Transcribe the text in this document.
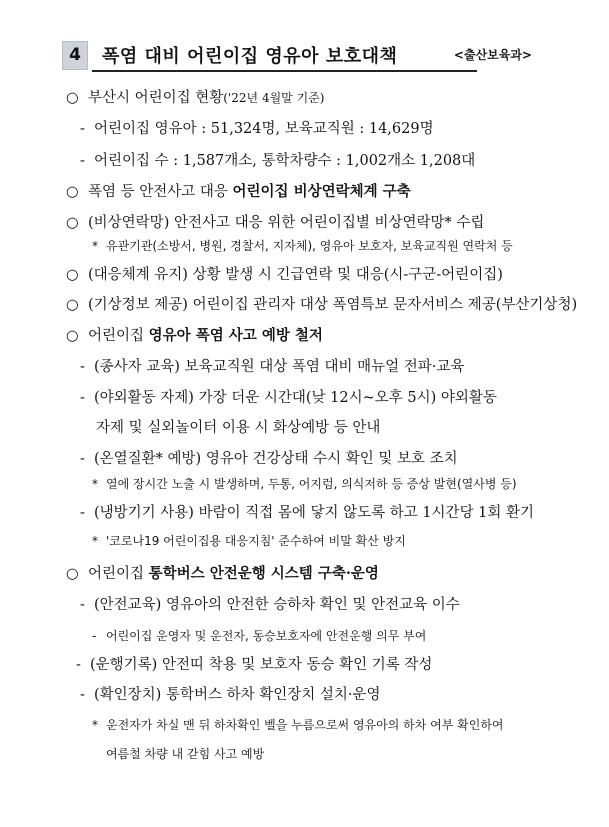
4	폭염 대비 어린이집 영유아 보호대책	<출산보육과>
○ 부산시 어린이집 현황('22년 4월말 기준)
- 어린이집 영유아 : 51,324명, 보육교직원 : 14,629명
- 어린이집 수 : 1,587개소, 통학차량수 : 1,002개소 1,208대
○ 폭염 등 안전사고 대응 어린이집 비상연락체계 구축
○ (비상연락망) 안전사고 대응 위한 어린이집별 비상연락망* 수립
* 유관기관(소방서, 병원, 경찰서, 지자체), 영유아 보호자, 보육교직원 연락처 등
○ (대응체계 유지) 상황 발생 시 긴급연락 및 대응(시-구군-어린이집)
○ (기상정보 제공) 어린이집 관리자 대상 폭염특보 문자서비스 제공(부산기상청)
○ 어린이집 영유아 폭염 사고 예방 철저
- (종사자 교육) 보육교직원 대상 폭염 대비 매뉴얼 전파·교육
- (야외활동 자제) 가장 더운 시간대(낮 12시~오후 5시) 야외활동
자제 및 실외놀이터 이용 시 화상예방 등 안내
- (온열질환* 예방) 영유아 건강상태 수시 확인 및 보호 조치
* 열에 장시간 노출 시 발생하며, 두통, 어지럼, 의식저하 등 증상 발현(열사병 등)
- (냉방기기 사용) 바람이 직접 몸에 닿지 않도록 하고 1시간당 1회 환기
* '코로나19 어린이집용 대응지침' 준수하여 비말 확산 방지
○ 어린이집 통학버스 안전운행 시스템 구축·운영
- (안전교육) 영유아의 안전한 승하차 확인 및 안전교육 이수
- 어린이집 운영자 및 운전자, 동승보호자에 안전운행 의무 부여
- (운행기록) 안전띠 착용 및 보호자 동승 확인 기록 작성
- (확인장치) 통학버스 하차 확인장치 설치·운영
* 운전자가 차실 맨 뒤 하차확인 벨을 누름으로써 영유아의 하차 여부 확인하여
여름철 차량 내 갇힘 사고 예방
